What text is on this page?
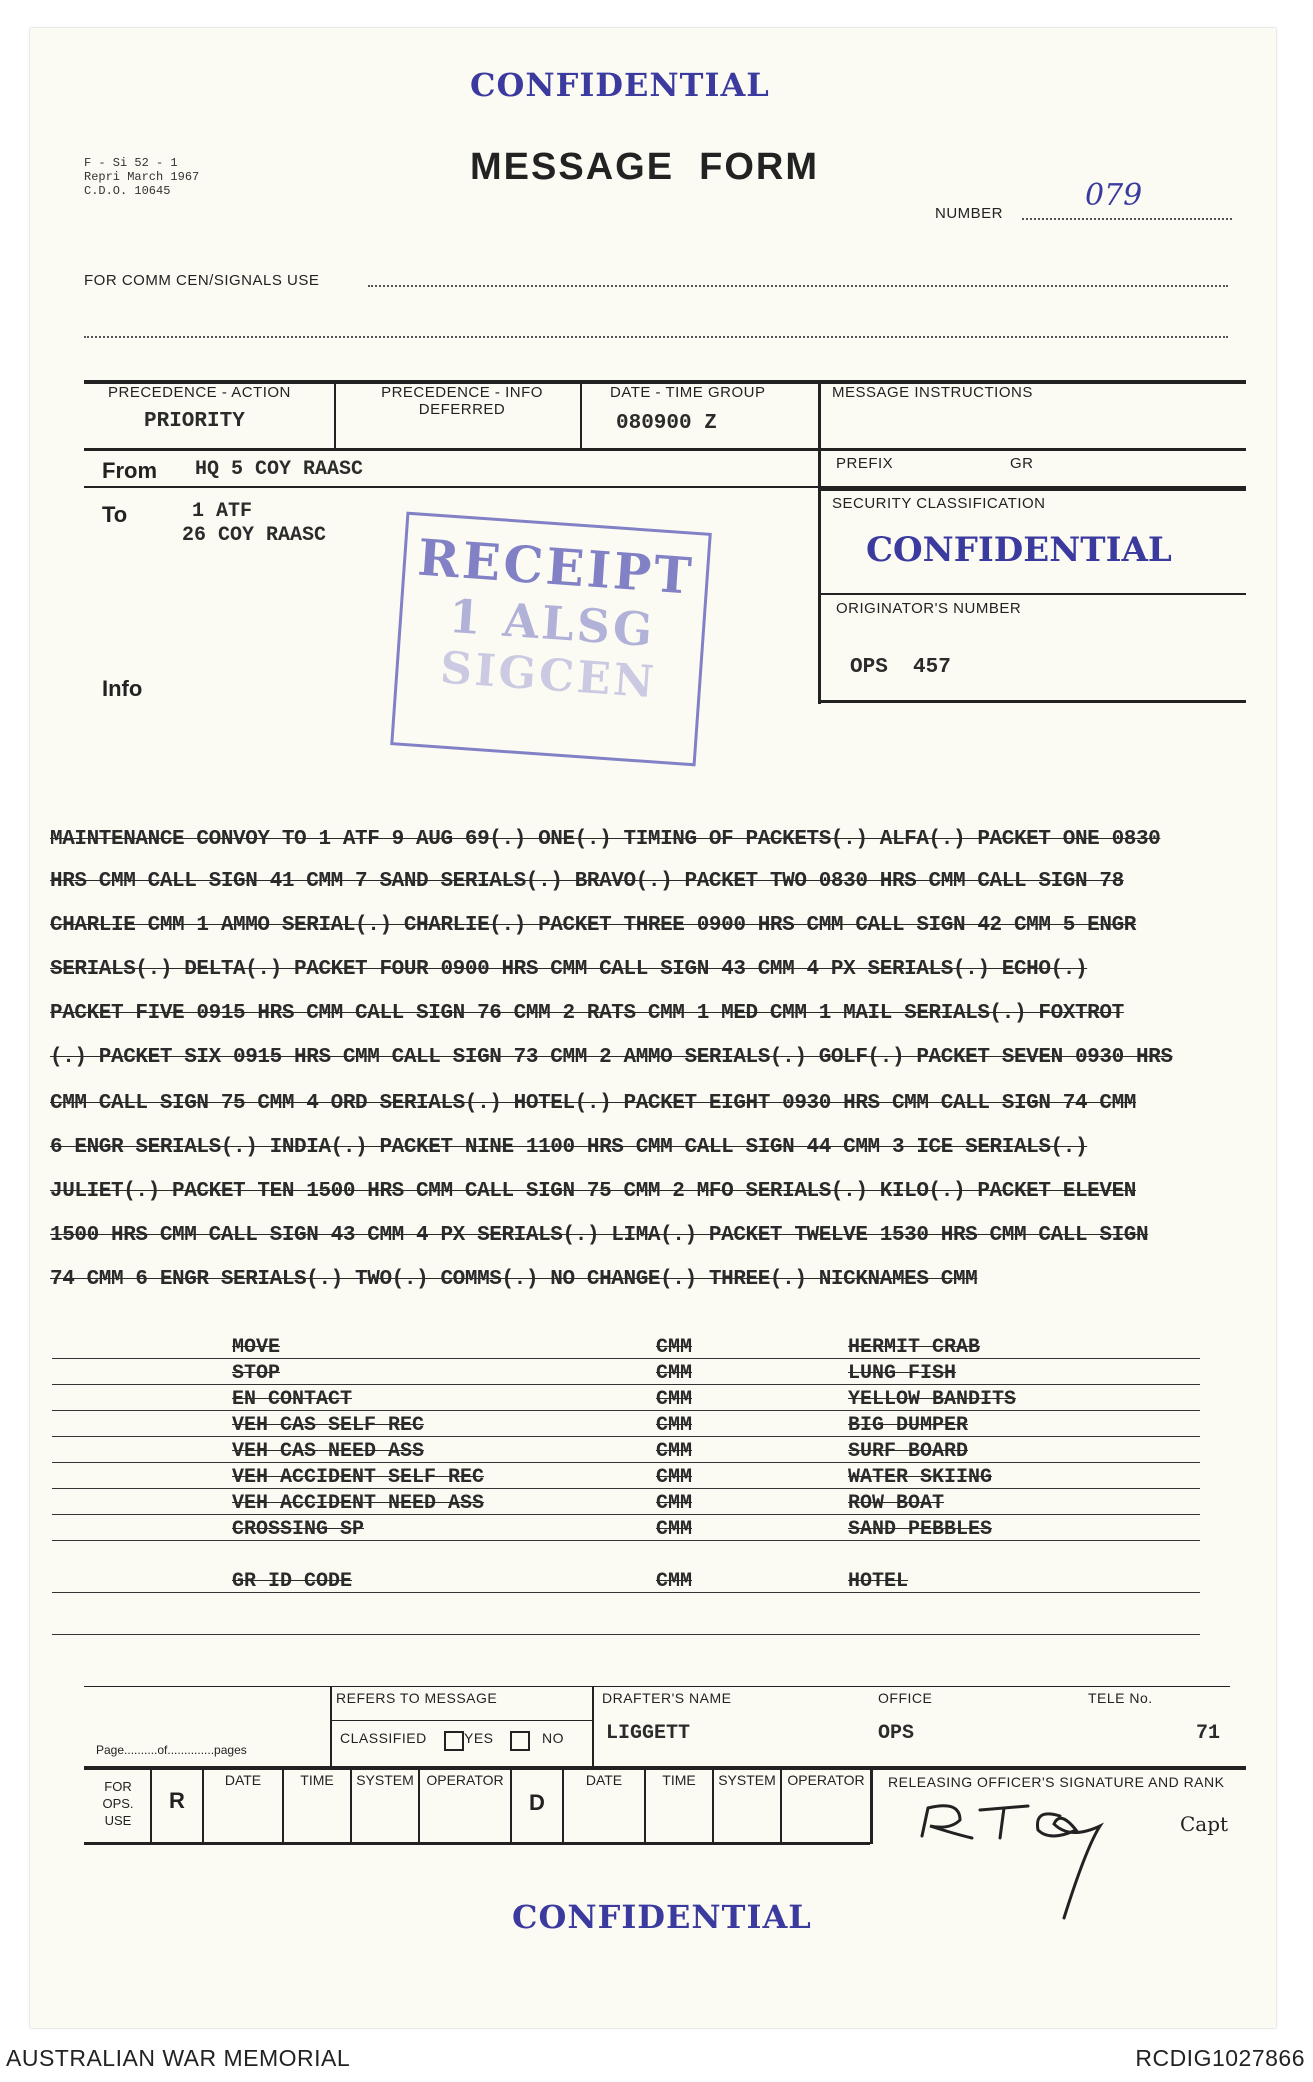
CONFIDENTIAL
F - Si 52 - 1
Repri March 1967
C.D.O. 10645
MESSAGE  FORM
NUMBER
079
FOR COMM CEN/SIGNALS USE
PRECEDENCE - ACTION
PRIORITY
PRECEDENCE - INFO
DEFERRED
DATE - TIME GROUP
080900 Z
MESSAGE INSTRUCTIONS
PREFIX	GR
From HQ 5 COY RAASC
To	1 ATF
26 COY RAASC
Info
SECURITY CLASSIFICATION
CONFIDENTIAL
ORIGINATOR'S NUMBER
OPS  457
RECEIPT
1 ALSG
SIGCEN
MAINTENANCE CONVOY TO 1 ATF 9 AUG 69(.) ONE(.) TIMING OF PACKETS(.) ALFA(.) PACKET ONE 0830
HRS CMM CALL SIGN 41 CMM 7 SAND SERIALS(.) BRAVO(.) PACKET TWO 0830 HRS CMM CALL SIGN 78
CHARLIE CMM 1 AMMO SERIAL(.) CHARLIE(.) PACKET THREE 0900 HRS CMM CALL SIGN 42 CMM 5 ENGR
SERIALS(.) DELTA(.) PACKET FOUR 0900 HRS CMM CALL SIGN 43 CMM 4 PX SERIALS(.) ECHO(.)
PACKET FIVE 0915 HRS CMM CALL SIGN 76 CMM 2 RATS CMM 1 MED CMM 1 MAIL SERIALS(.) FOXTROT
(.) PACKET SIX 0915 HRS CMM CALL SIGN 73 CMM 2 AMMO SERIALS(.) GOLF(.) PACKET SEVEN 0930 HRS
CMM CALL SIGN 75 CMM 4 ORD SERIALS(.) HOTEL(.) PACKET EIGHT 0930 HRS CMM CALL SIGN 74 CMM
6 ENGR SERIALS(.) INDIA(.) PACKET NINE 1100 HRS CMM CALL SIGN 44 CMM 3 ICE SERIALS(.)
JULIET(.) PACKET TEN 1500 HRS CMM CALL SIGN 75 CMM 2 MFO SERIALS(.) KILO(.) PACKET ELEVEN
1500 HRS CMM CALL SIGN 43 CMM 4 PX SERIALS(.) LIMA(.) PACKET TWELVE 1530 HRS CMM CALL SIGN
74 CMM 6 ENGR SERIALS(.) TWO(.) COMMS(.) NO CHANGE(.) THREE(.) NICKNAMES CMM
MOVE	CMM	HERMIT CRAB
STOP	CMM	LUNG FISH
EN CONTACT	CMM	YELLOW BANDITS
VEH CAS SELF REC	CMM	BIG DUMPER
VEH CAS NEED ASS	CMM	SURF BOARD
VEH ACCIDENT SELF REC	CMM	WATER SKIING
VEH ACCIDENT NEED ASS	CMM	ROW BOAT
CROSSING SP	CMM	SAND PEBBLES
GR ID CODE	CMM	HOTEL
Page..........of..............pages
REFERS TO MESSAGE
CLASSIFIED	YES	NO
DRAFTER'S NAME
LIGGETT
OFFICE
OPS
TELE No.
71
FOR
OPS.
USE
R
DATE	TIME	SYSTEM OPERATOR
D
DATE	TIME	SYSTEM OPERATOR	RELEASING OFFICER'S SIGNATURE AND RANK
Capt
CONFIDENTIAL
AUSTRALIAN WAR MEMORIAL	RCDIG1027866
